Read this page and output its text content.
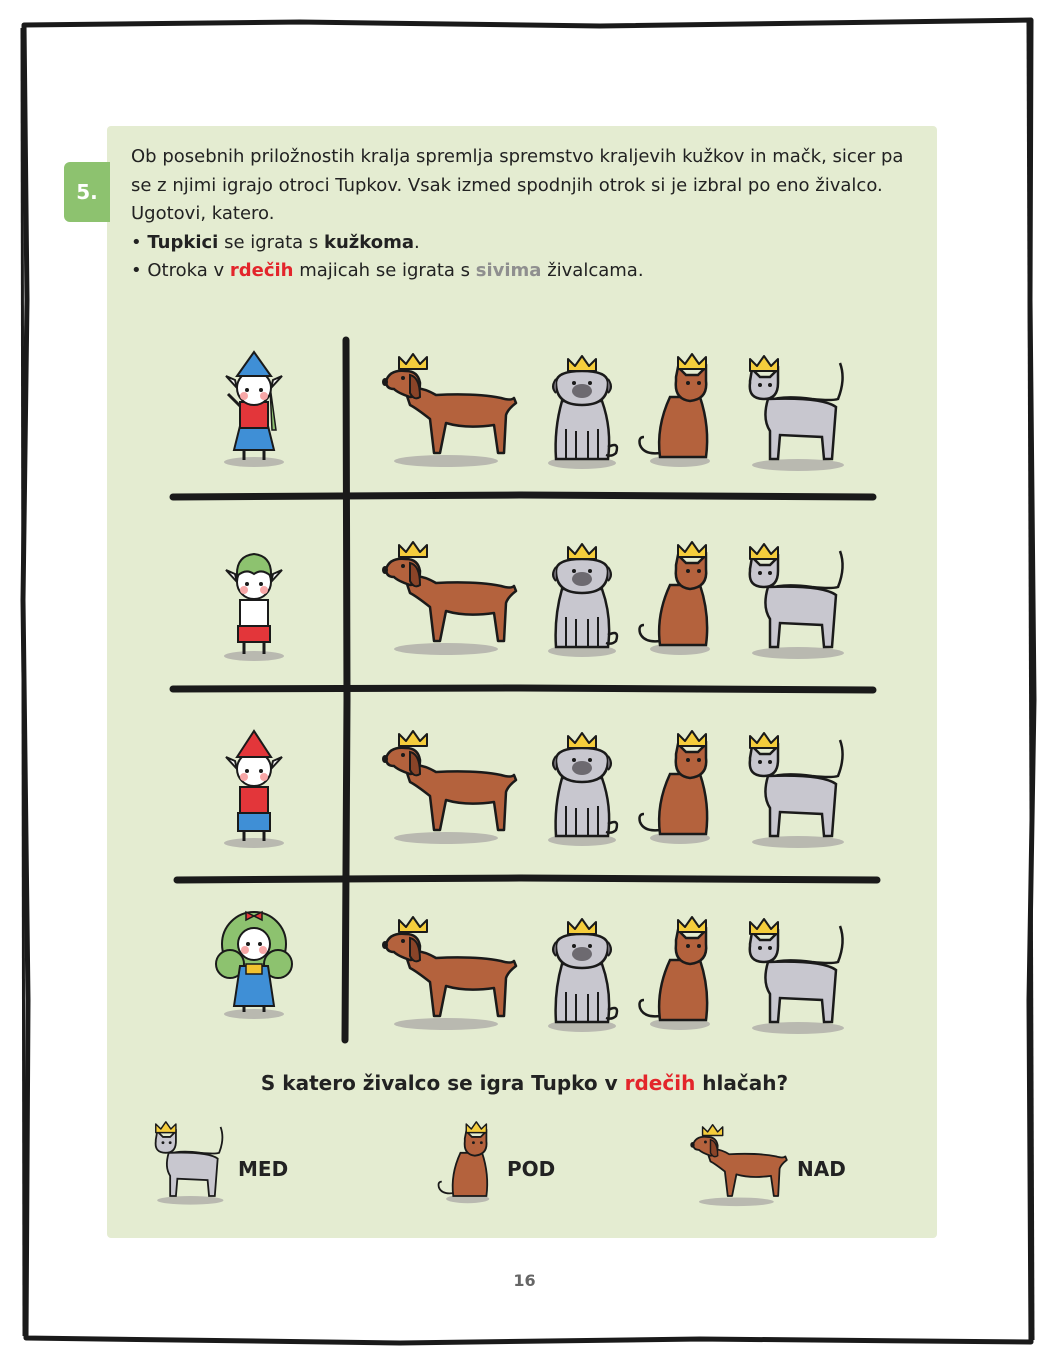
5.

Ob posebnih priložnostih kralja spremlja spremstvo kraljevih kužkov in mačk, sicer pa

se z njimi igrajo otroci Tupkov. Vsak izmed spodnjih otrok si je izbral po eno živalco.

Ugotovi, katero.

• Tupkici se igrata s kužkoma.

• Otroka v rdečih majicah se igrata s sivima živalcama.

S katero živalco se igra Tupko v rdečih hlačah?
MED	POD	NAD
16
